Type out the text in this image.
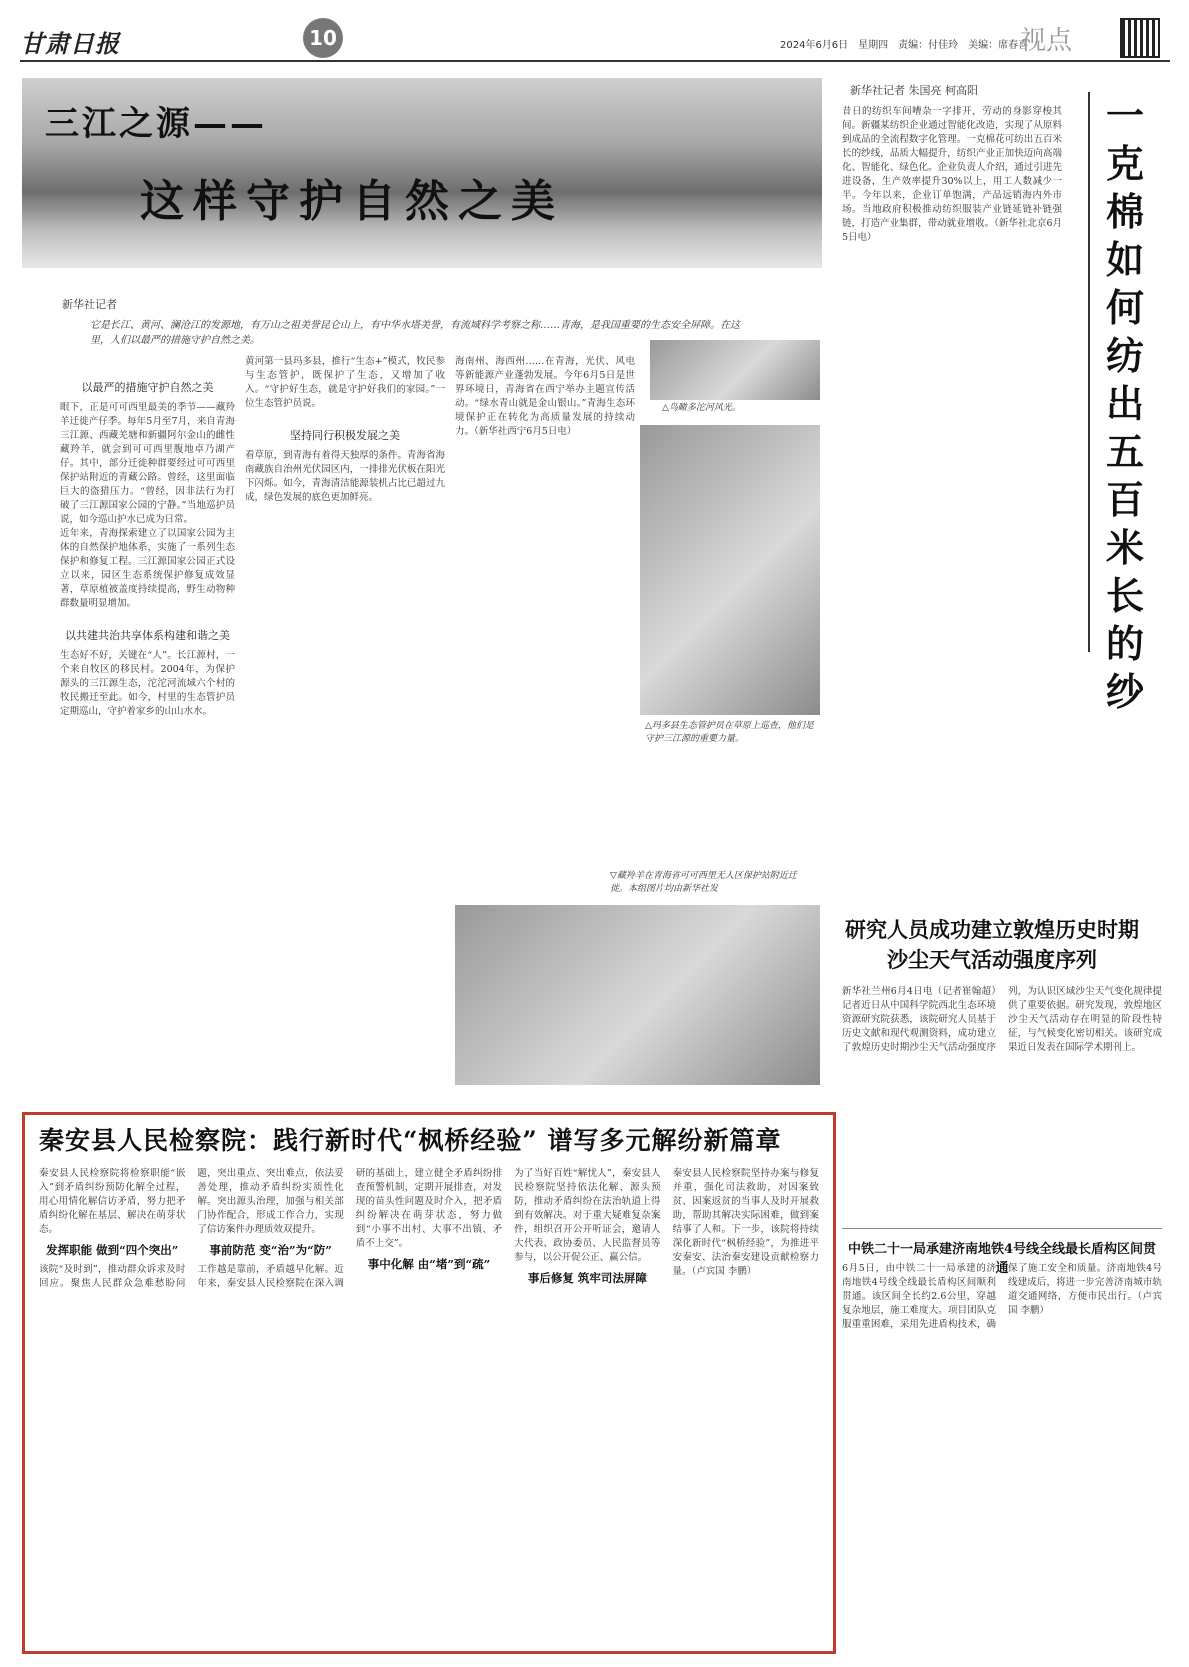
甘肃日报	10	2024年6月6日　星期四　责编：付佳玲　美编：席春喜
视点
三江之源——
这样守护自然之美
新华社记者
它是长江、黄河、澜沧江的发源地，有万山之祖美誉昆仑山上，有中华水塔美誉，有流域科学考察之称……青海，是我国重要的生态安全屏障。在这里，人们以最严的措施守护自然之美。
以最严的措施守护自然之美
眼下，正是可可西里最美的季节——藏羚羊迁徙产仔季。每年5月至7月，来自青海三江源、西藏羌塘和新疆阿尔金山的雌性藏羚羊，就会到可可西里腹地卓乃湖产仔。其中，部分迁徙种群要经过可可西里保护站附近的青藏公路。曾经，这里面临巨大的盗猎压力。“曾经，因非法行为打破了三江源国家公园的宁静。”当地巡护员说，如今巡山护水已成为日常。
近年来，青海探索建立了以国家公园为主体的自然保护地体系，实施了一系列生态保护和修复工程。三江源国家公园正式设立以来，园区生态系统保护修复成效显著，草原植被盖度持续提高，野生动物种群数量明显增加。
以共建共治共享体系构建和谐之美
生态好不好，关键在“人”。长江源村，一个来自牧区的移民村。2004年，为保护源头的三江源生态，沱沱河流域六个村的牧民搬迁至此。如今，村里的生态管护员定期巡山，守护着家乡的山山水水。
黄河第一县玛多县，推行“生态+”模式，牧民参与生态管护，既保护了生态，又增加了收入。“守护好生态，就是守护好我们的家园。”一位生态管护员说。
坚持同行积极发展之美
看草原，到青海有着得天独厚的条件。青海省海南藏族自治州光伏园区内，一排排光伏板在阳光下闪烁。如今，青海清洁能源装机占比已超过九成，绿色发展的底色更加鲜亮。
海南州、海西州……在青海，光伏、风电等新能源产业蓬勃发展。今年6月5日是世界环境日，青海省在西宁举办主题宣传活动。“绿水青山就是金山银山。”青海生态环境保护正在转化为高质量发展的持续动力。（新华社西宁6月5日电）
△鸟瞰多沱河风光。
△玛多县生态管护员在草原上巡查，他们是守护三江源的重要力量。
▽藏羚羊在青海省可可西里无人区保护站附近迁徙。本组图片均由新华社发
新华社记者 朱国亮 柯高阳
昔日的纺织车间嘈杂一字排开，劳动的身影穿梭其间。新疆某纺织企业通过智能化改造，实现了从原料到成品的全流程数字化管理。一克棉花可纺出五百米长的纱线，品质大幅提升，纺织产业正加快迈向高端化、智能化、绿色化。企业负责人介绍，通过引进先进设备，生产效率提升30%以上，用工人数减少一半。今年以来，企业订单饱满，产品远销海内外市场。当地政府积极推动纺织服装产业链延链补链强链，打造产业集群，带动就业增收。（新华社北京6月5日电）
一克棉如何纺出五百米长的纱
研究人员成功建立敦煌历史时期沙尘天气活动强度序列
新华社兰州6月4日电（记者崔翰超）记者近日从中国科学院西北生态环境资源研究院获悉，该院研究人员基于历史文献和现代观测资料，成功建立了敦煌历史时期沙尘天气活动强度序列，为认识区域沙尘天气变化规律提供了重要依据。研究发现，敦煌地区沙尘天气活动存在明显的阶段性特征，与气候变化密切相关。该研究成果近日发表在国际学术期刊上。
中铁二十一局承建济南地铁4号线全线最长盾构区间贯通
6月5日，由中铁二十一局承建的济南地铁4号线全线最长盾构区间顺利贯通。该区间全长约2.6公里，穿越复杂地层，施工难度大。项目团队克服重重困难，采用先进盾构技术，确保了施工安全和质量。济南地铁4号线建成后，将进一步完善济南城市轨道交通网络，方便市民出行。（卢宾国 李鹏）
秦安县人民检察院：践行新时代“枫桥经验” 谱写多元解纷新篇章
秦安县人民检察院将检察职能“嵌入”到矛盾纠纷预防化解全过程，用心用情化解信访矛盾，努力把矛盾纠纷化解在基层、解决在萌芽状态。
发挥职能 做到“四个突出”
该院“及时到”，推动群众诉求及时回应。聚焦人民群众急难愁盼问题，突出重点、突出难点，依法妥善处理，推动矛盾纠纷实质性化解。突出源头治理，加强与相关部门协作配合，形成工作合力，实现了信访案件办理质效双提升。
事前防范 变“治”为“防”
工作越是靠前，矛盾越早化解。近年来，秦安县人民检察院在深入调研的基础上，建立健全矛盾纠纷排查预警机制，定期开展排查，对发现的苗头性问题及时介入，把矛盾纠纷解决在萌芽状态，努力做到“小事不出村、大事不出镇、矛盾不上交”。
事中化解 由“堵”到“疏”
为了当好百姓“解忧人”，秦安县人民检察院坚持依法化解、源头预防，推动矛盾纠纷在法治轨道上得到有效解决。对于重大疑难复杂案件，组织召开公开听证会，邀请人大代表、政协委员、人民监督员等参与，以公开促公正、赢公信。
事后修复 筑牢司法屏障
秦安县人民检察院坚持办案与修复并重，强化司法救助，对因案致贫、因案返贫的当事人及时开展救助，帮助其解决实际困难，做到案结事了人和。下一步，该院将持续深化新时代“枫桥经验”，为推进平安秦安、法治秦安建设贡献检察力量。（卢宾国 李鹏）
